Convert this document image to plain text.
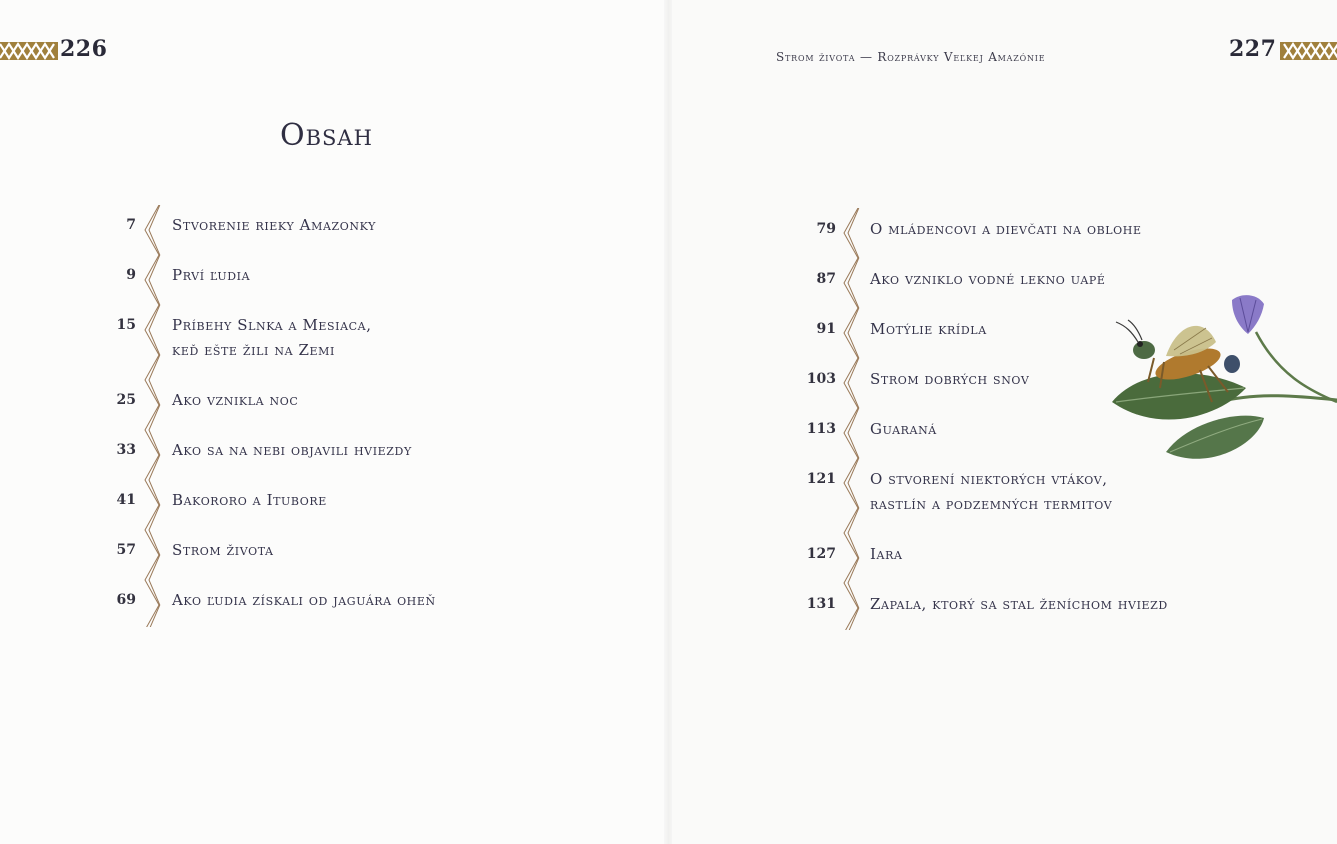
226	Strom života — Rozprávky Veľkej Amazónie	227
Obsah
7 Stvorenie rieky Amazonky
9 Prví ľudia
15 Príbehy Slnka a Mesiaca,
keď ešte žili na Zemi
25 Ako vznikla noc
33 Ako sa na nebi objavili hviezdy
41 Bakororo a Itubore
57 Strom života
69 Ako ľudia získali od jaguára oheň
79 O mládencovi a dievčati na oblohe
87 Ako vzniklo vodné lekno uapé
91 Motýlie krídla
103 Strom dobrých snov
113 Guaraná
121 O stvorení niektorých vtákov,
rastlín a podzemných termitov
127 Iara
131 Zapala, ktorý sa stal ženíchom hviezd
